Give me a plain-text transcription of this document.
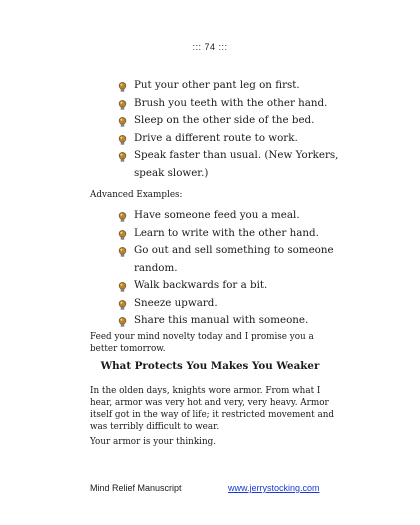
::: 74 :::
Put your other pant leg on first.
Brush you teeth with the other hand.
Sleep on the other side of the bed.
Drive a different route to work.
Speak faster than usual. (New Yorkers, speak slower.)

Advanced Examples:

Have someone feed you a meal.
Learn to write with the other hand.
Go out and sell something to someone random.
Walk backwards for a bit.
Sneeze upward.
Share this manual with someone.

Feed your mind novelty today and I promise you a better tomorrow.

What Protects You Makes You Weaker

In the olden days, knights wore armor. From what I hear, armor was very hot and very, very heavy. Armor itself got in the way of life; it restricted movement and was terribly difficult to wear.

Your armor is your thinking.

Mind Relief Manuscript	www.jerrystocking.com
